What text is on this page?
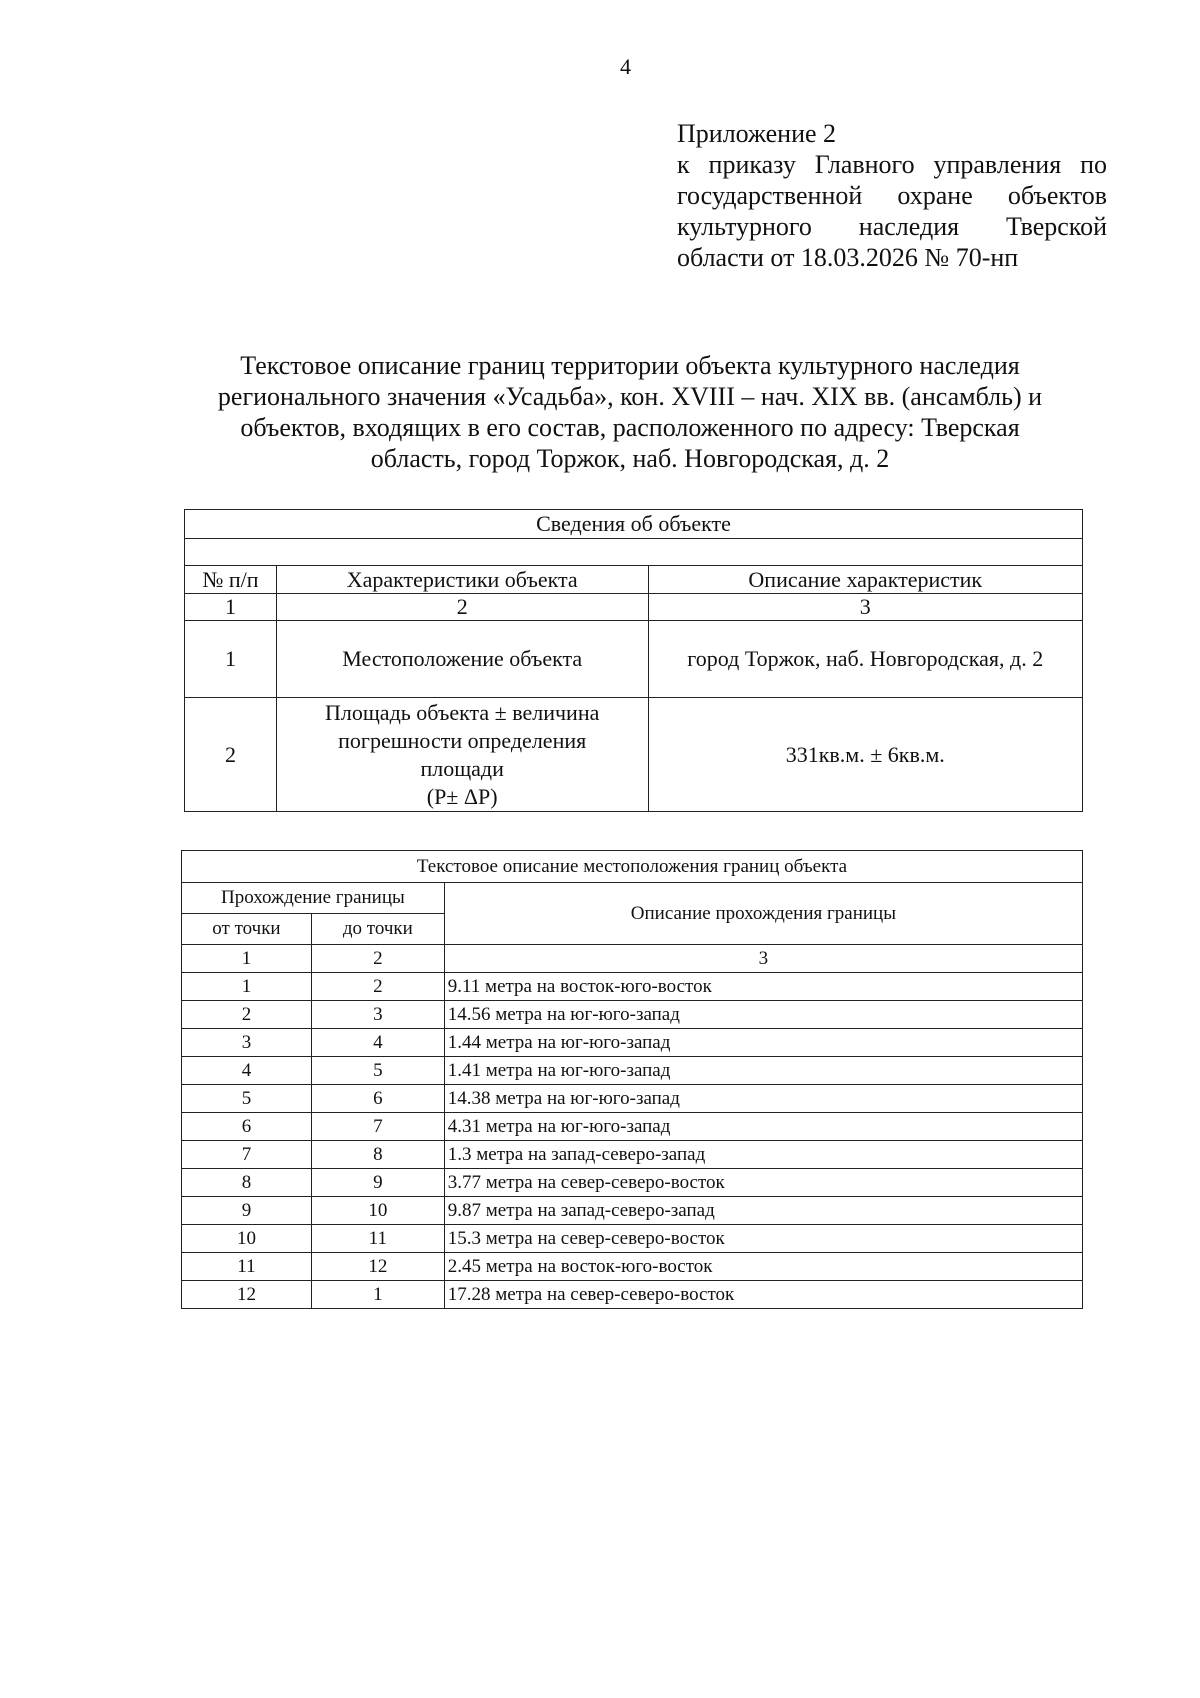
4
Приложение 2
к приказу Главного управления по
государственной охране объектов
культурного наследия Тверской
области от 18.03.2026 № 70-нп
Текстовое описание границ территории объекта культурного наследия
регионального значения «Усадьба», кон. XVIII – нач. XIX вв. (ансамбль) и
объектов, входящих в его состав, расположенного по адресу: Тверская
область, город Торжок, наб. Новгородская, д. 2
Сведения об объекте		

№ п/п	Характеристики объекта	Описание характеристик
1	2	3
1	Местоположение объекта	город Торжок, наб. Новгородская, д. 2
2	Площадь объекта ± величина
погрешности определения
площади
(Р± ΔР)	331кв.м. ± 6кв.м.
Текстовое описание местоположения границ объекта		
Прохождение границы		Описание прохождения границы
от точки	до точки	
1	2	3
1	2	9.11 метра на восток-юго-восток
2	3	14.56 метра на юг-юго-запад
3	4	1.44 метра на юг-юго-запад
4	5	1.41 метра на юг-юго-запад
5	6	14.38 метра на юг-юго-запад
6	7	4.31 метра на юг-юго-запад
7	8	1.3 метра на запад-северо-запад
8	9	3.77 метра на север-северо-восток
9	10	9.87 метра на запад-северо-запад
10	11	15.3 метра на север-северо-восток
11	12	2.45 метра на восток-юго-восток
12	1	17.28 метра на север-северо-восток
